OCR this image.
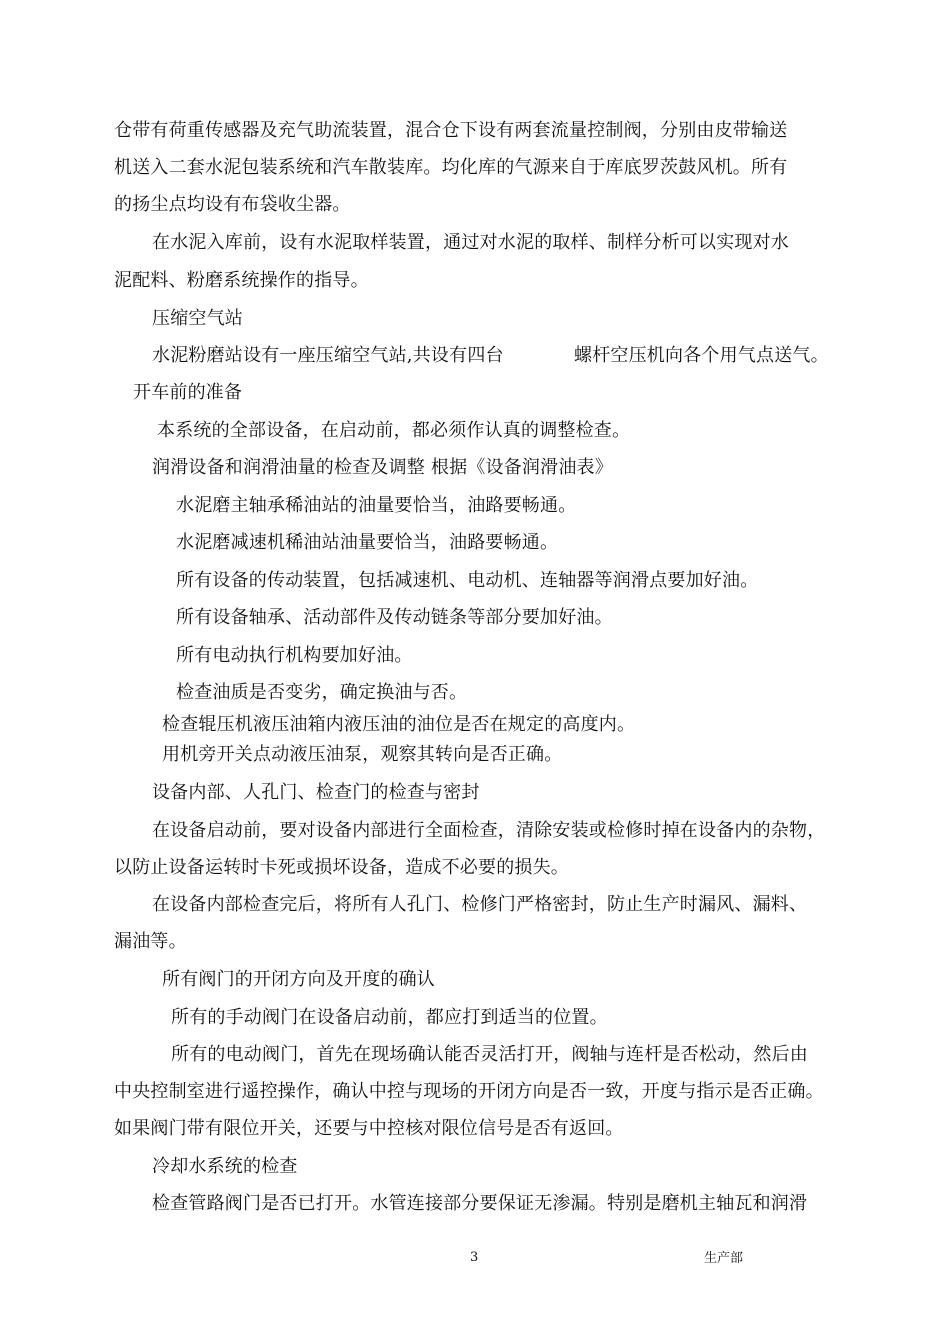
仓带有荷重传感器及充气助流装置，混合仓下设有两套流量控制阀，分别由皮带输送
机送入二套水泥包装系统和汽车散装库。均化库的气源来自于库底罗茨鼓风机。所有
的扬尘点均设有布袋收尘器。
在水泥入库前，设有水泥取样装置，通过对水泥的取样、制样分析可以实现对水
泥配料、粉磨系统操作的指导。
压缩空气站
水泥粉磨站设有一座压缩空气站,共设有四台	螺杆空压机向各个用气点送气。
开车前的准备
本系统的全部设备，在启动前，都必须作认真的调整检查。
润滑设备和润滑油量的检查及调整 根据《设备润滑油表》
水泥磨主轴承稀油站的油量要恰当，油路要畅通。
水泥磨减速机稀油站油量要恰当，油路要畅通。
所有设备的传动装置，包括减速机、电动机、连轴器等润滑点要加好油。
所有设备轴承、活动部件及传动链条等部分要加好油。
所有电动执行机构要加好油。
检查油质是否变劣，确定换油与否。
检查辊压机液压油箱内液压油的油位是否在规定的高度内。
用机旁开关点动液压油泵，观察其转向是否正确。
设备内部、人孔门、检查门的检查与密封
在设备启动前，要对设备内部进行全面检查，清除安装或检修时掉在设备内的杂物，
以防止设备运转时卡死或损坏设备，造成不必要的损失。
在设备内部检查完后，将所有人孔门、检修门严格密封，防止生产时漏风、漏料、
漏油等。
所有阀门的开闭方向及开度的确认
所有的手动阀门在设备启动前，都应打到适当的位置。
所有的电动阀门，首先在现场确认能否灵活打开，阀轴与连杆是否松动，然后由
中央控制室进行遥控操作，确认中控与现场的开闭方向是否一致，开度与指示是否正确。
如果阀门带有限位开关，还要与中控核对限位信号是否有返回。
冷却水系统的检查
检查管路阀门是否已打开。水管连接部分要保证无渗漏。特别是磨机主轴瓦和润滑
3	生产部
